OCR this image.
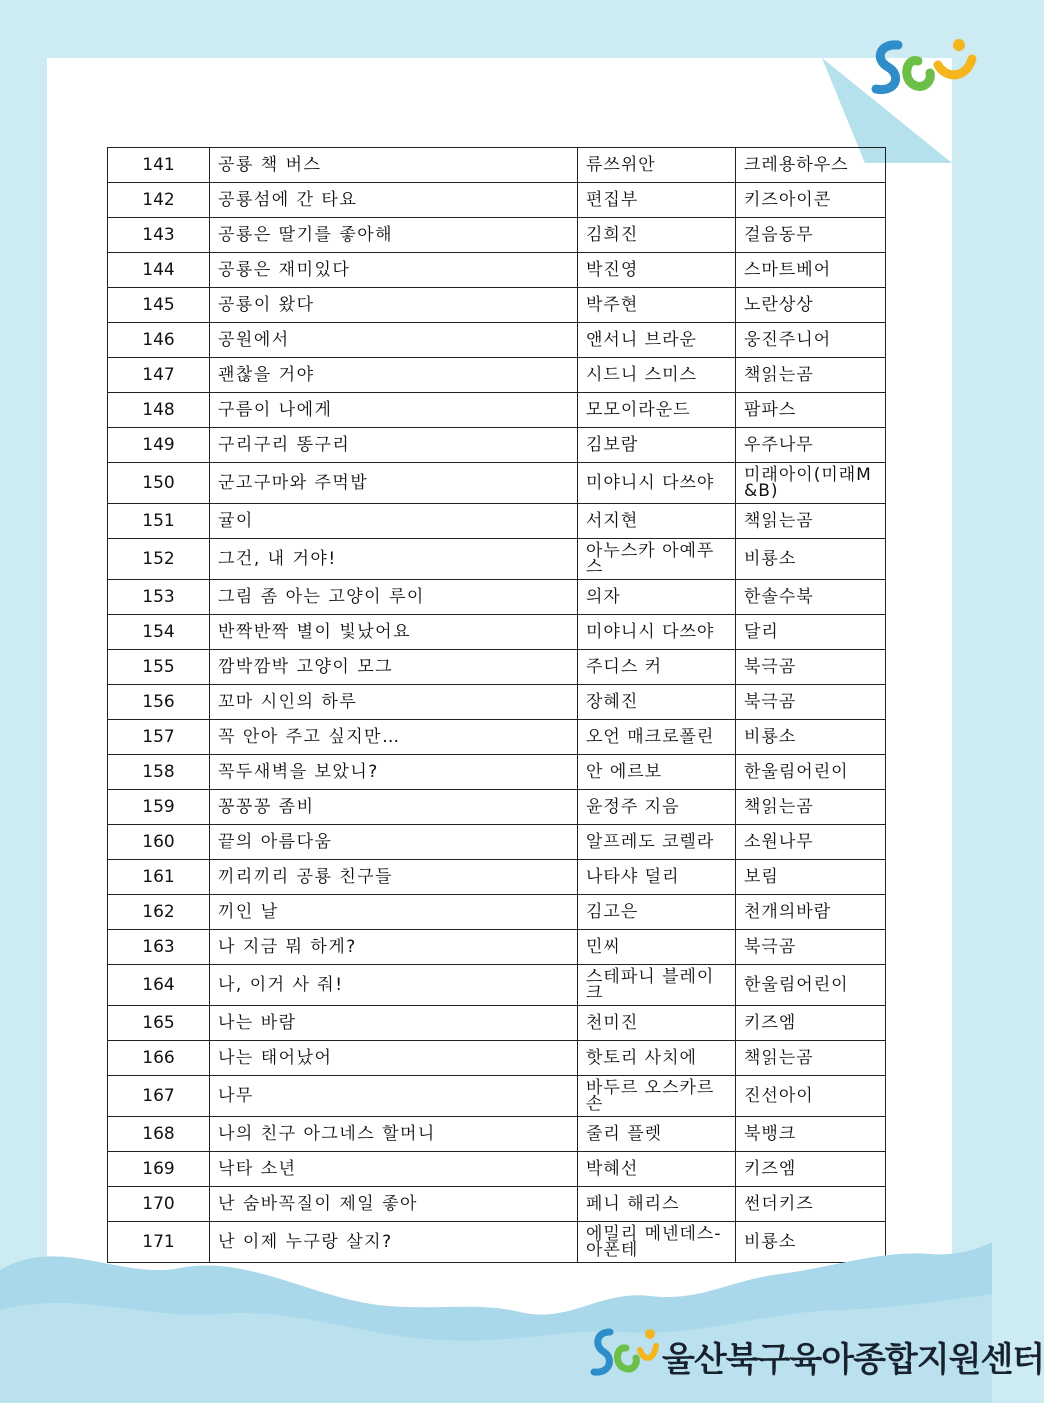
141	공룡 책 버스	류쓰위안	크레용하우스
142	공룡섬에 간 타요	편집부	키즈아이콘
143	공룡은 딸기를 좋아해	김희진	걸음동무
144	공룡은 재미있다	박진영	스마트베어
145	공룡이 왔다	박주현	노란상상
146	공원에서	앤서니 브라운	웅진주니어
147	괜찮을 거야	시드니 스미스	책읽는곰
148	구름이 나에게	모모이라운드	팜파스
149	구리구리 똥구리	김보람	우주나무
150	군고구마와 주먹밥	미야니시 다쓰야	미래아이(미래M&B)
151	귤이	서지현	책읽는곰
152	그건, 내 거야!	아누스카 아예푸스	비룡소
153	그림 좀 아는 고양이 루이	의자	한솔수북
154	반짝반짝 별이 빛났어요	미야니시 다쓰야	달리
155	깜박깜박 고양이 모그	주디스 커	북극곰
156	꼬마 시인의 하루	장혜진	북극곰
157	꼭 안아 주고 싶지만…	오언 매크로폴린	비룡소
158	꼭두새벽을 보았니?	안 에르보	한울림어린이
159	꽁꽁꽁 좀비	윤정주 지음	책읽는곰
160	끝의 아름다움	알프레도 코렐라	소원나무
161	끼리끼리 공룡 친구들	나타샤 덜리	보림
162	끼인 날	김고은	천개의바람
163	나 지금 뭐 하게?	민씨	북극곰
164	나, 이거 사 줘!	스테파니 블레이크	한울림어린이
165	나는 바람	천미진	키즈엠
166	나는 태어났어	핫토리 사치에	책읽는곰
167	나무	바두르 오스카르손	진선아이
168	나의 친구 아그네스 할머니	줄리 플렛	북뱅크
169	낙타 소년	박혜선	키즈엠
170	난 숨바꼭질이 제일 좋아	페니 해리스	썬더키즈
171	난 이제 누구랑 살지?	에밀리 메넨데스-아폰테	비룡소
울산북구육아종합지원센터
